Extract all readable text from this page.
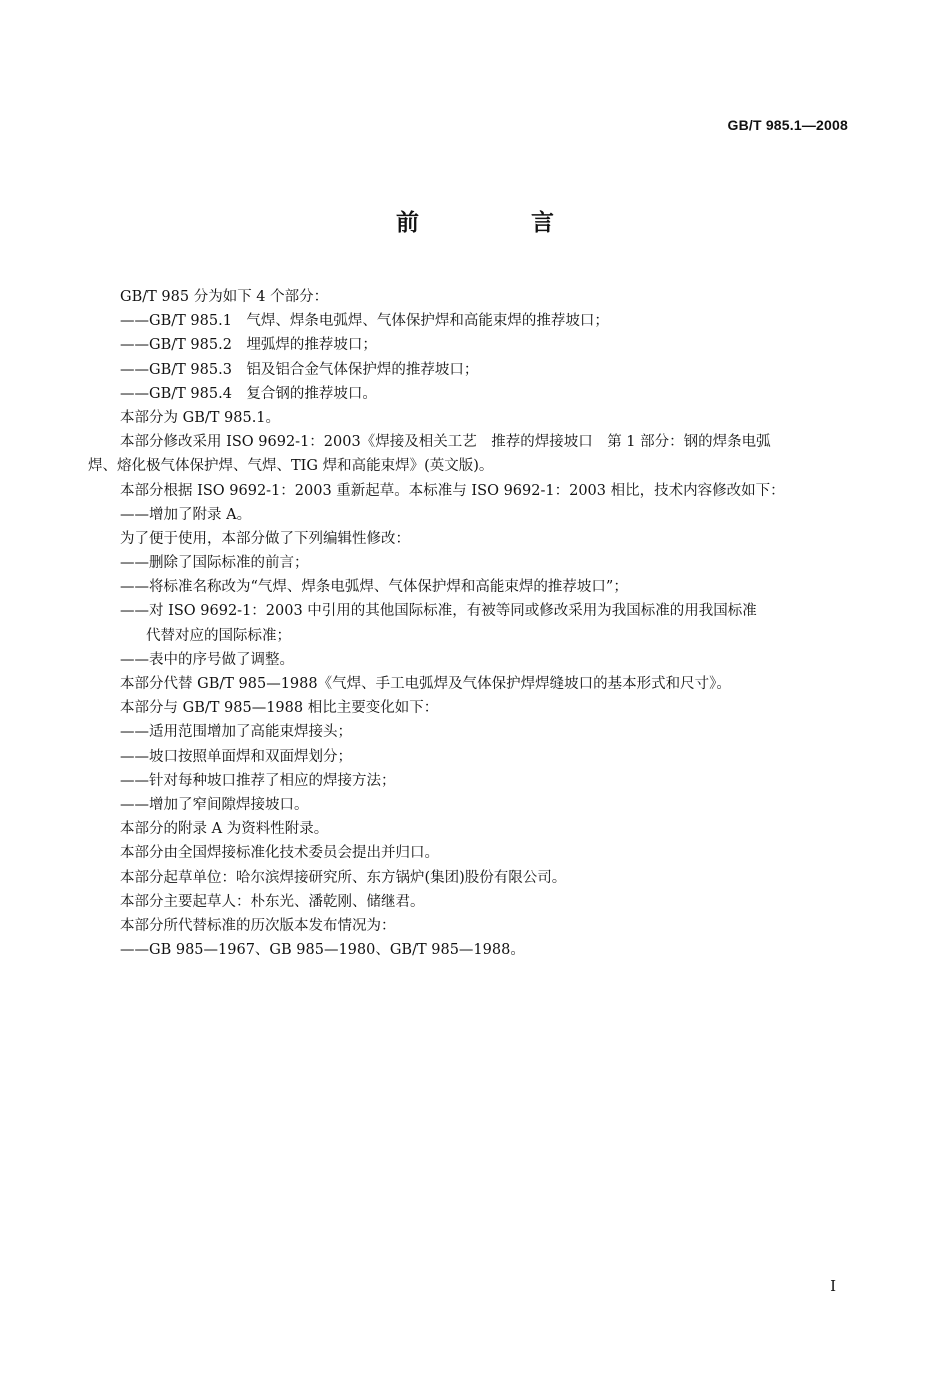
GB/T 985.1—2008
前 言
GB/T 985 分为如下 4 个部分：
——GB/T 985.1　气焊、焊条电弧焊、气体保护焊和高能束焊的推荐坡口；
——GB/T 985.2　埋弧焊的推荐坡口；
——GB/T 985.3　铝及铝合金气体保护焊的推荐坡口；
——GB/T 985.4　复合钢的推荐坡口。
本部分为 GB/T 985.1。
本部分修改采用 ISO 9692-1：2003《焊接及相关工艺　推荐的焊接坡口　第 1 部分：钢的焊条电弧
焊、熔化极气体保护焊、气焊、TIG 焊和高能束焊》(英文版)。
本部分根据 ISO 9692-1：2003 重新起草。本标准与 ISO 9692-1：2003 相比，技术内容修改如下：
——增加了附录 A。
为了便于使用，本部分做了下列编辑性修改：
——删除了国际标准的前言；
——将标准名称改为“气焊、焊条电弧焊、气体保护焊和高能束焊的推荐坡口”；
——对 ISO 9692-1：2003 中引用的其他国际标准，有被等同或修改采用为我国标准的用我国标准
代替对应的国际标准；
——表中的序号做了调整。
本部分代替 GB/T 985—1988《气焊、手工电弧焊及气体保护焊焊缝坡口的基本形式和尺寸》。
本部分与 GB/T 985—1988 相比主要变化如下：
——适用范围增加了高能束焊接头；
——坡口按照单面焊和双面焊划分；
——针对每种坡口推荐了相应的焊接方法；
——增加了窄间隙焊接坡口。
本部分的附录 A 为资料性附录。
本部分由全国焊接标准化技术委员会提出并归口。
本部分起草单位：哈尔滨焊接研究所、东方锅炉(集团)股份有限公司。
本部分主要起草人：朴东光、潘乾刚、储继君。
本部分所代替标准的历次版本发布情况为：
——GB 985—1967、GB 985—1980、GB/T 985—1988。
I
